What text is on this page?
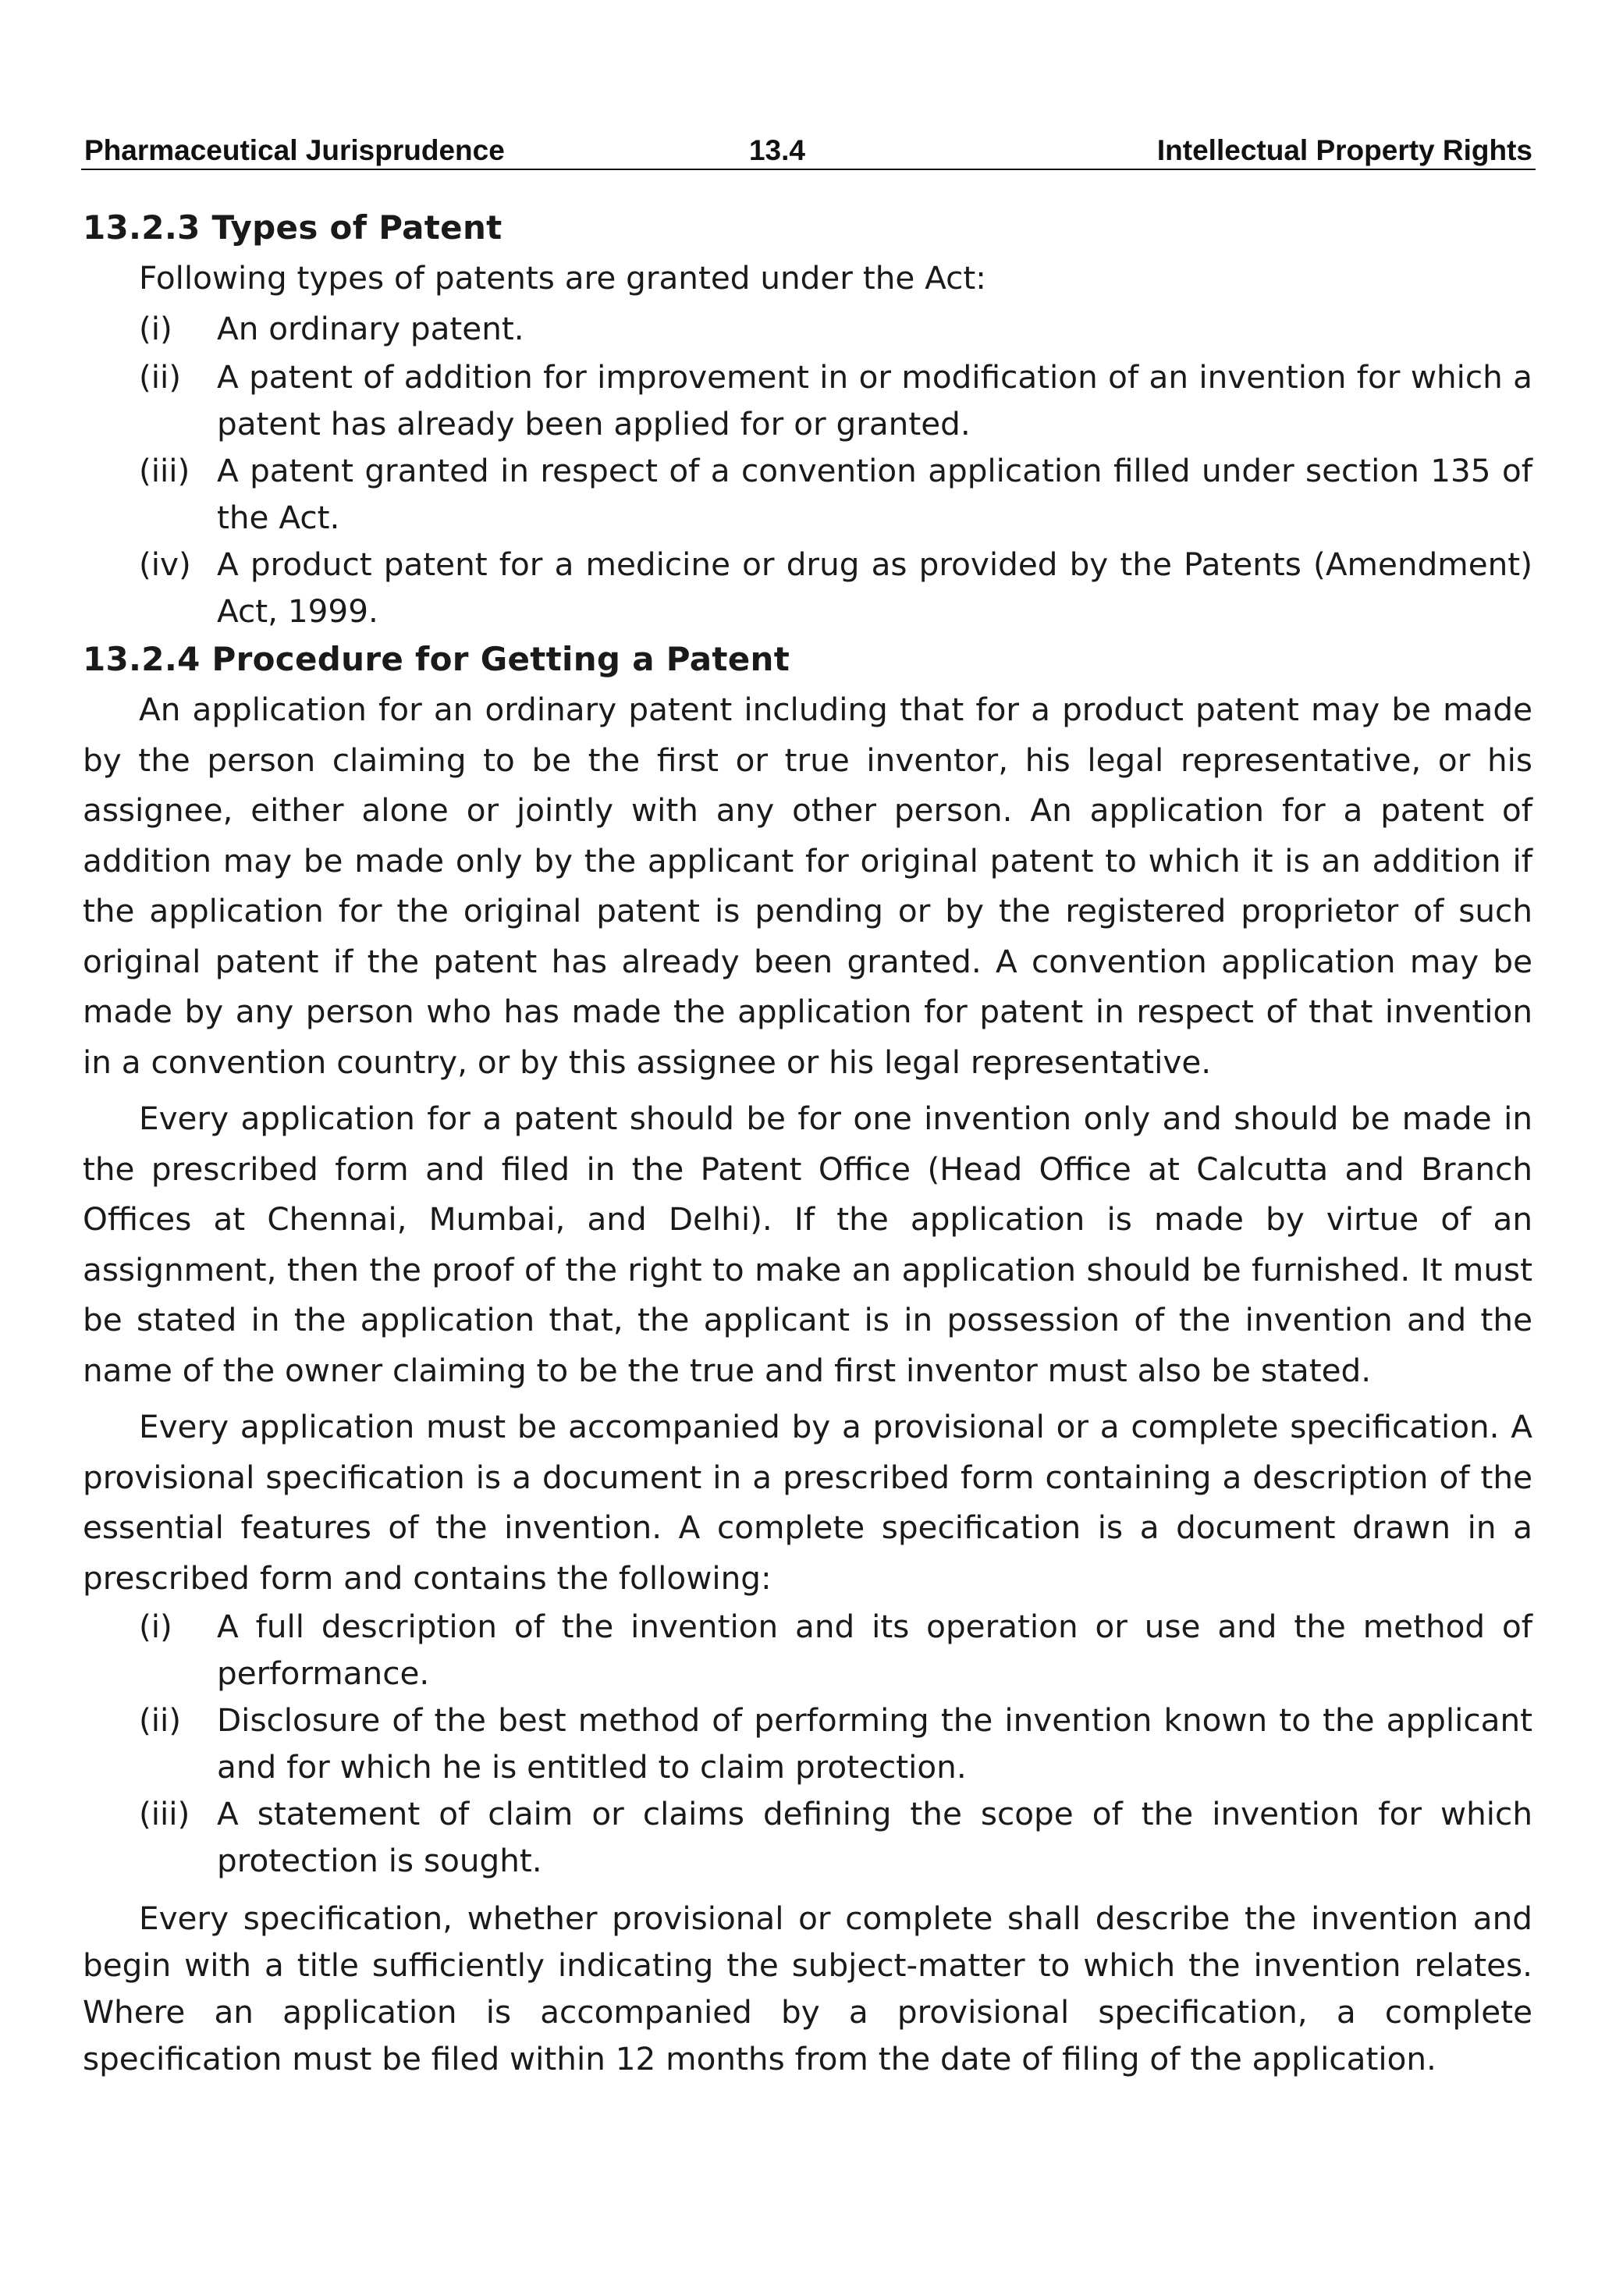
Pharmaceutical Jurisprudence	13.4	Intellectual Property Rights
13.2.3 Types of Patent

Following types of patents are granted under the Act:

(i) An ordinary patent.
(ii) A patent of addition for improvement in or modification of an invention for which a patent has already been applied for or granted.
(iii) A patent granted in respect of a convention application filled under section 135 of the Act.
(iv) A product patent for a medicine or drug as provided by the Patents (Amendment) Act, 1999.
13.2.4 Procedure for Getting a Patent

An application for an ordinary patent including that for a product patent may be made by the person claiming to be the first or true inventor, his legal representative, or his assignee, either alone or jointly with any other person. An application for a patent of addition may be made only by the applicant for original patent to which it is an addition if the application for the original patent is pending or by the registered proprietor of such original patent if the patent has already been granted. A convention application may be made by any person who has made the application for patent in respect of that invention in a convention country, or by this assignee or his legal representative.

Every application for a patent should be for one invention only and should be made in the prescribed form and filed in the Patent Office (Head Office at Calcutta and Branch Offices at Chennai, Mumbai, and Delhi). If the application is made by virtue of an assignment, then the proof of the right to make an application should be furnished. It must be stated in the application that, the applicant is in possession of the invention and the name of the owner claiming to be the true and first inventor must also be stated.

Every application must be accompanied by a provisional or a complete specification. A provisional specification is a document in a prescribed form containing a description of the essential features of the invention. A complete specification is a document drawn in a prescribed form and contains the following:

(i) A full description of the invention and its operation or use and the method of performance.
(ii) Disclosure of the best method of performing the invention known to the applicant and for which he is entitled to claim protection.
(iii) A statement of claim or claims defining the scope of the invention for which protection is sought.

Every specification, whether provisional or complete shall describe the invention and begin with a title sufficiently indicating the subject-matter to which the invention relates. Where an application is accompanied by a provisional specification, a complete specification must be filed within 12 months from the date of filing of the application.
